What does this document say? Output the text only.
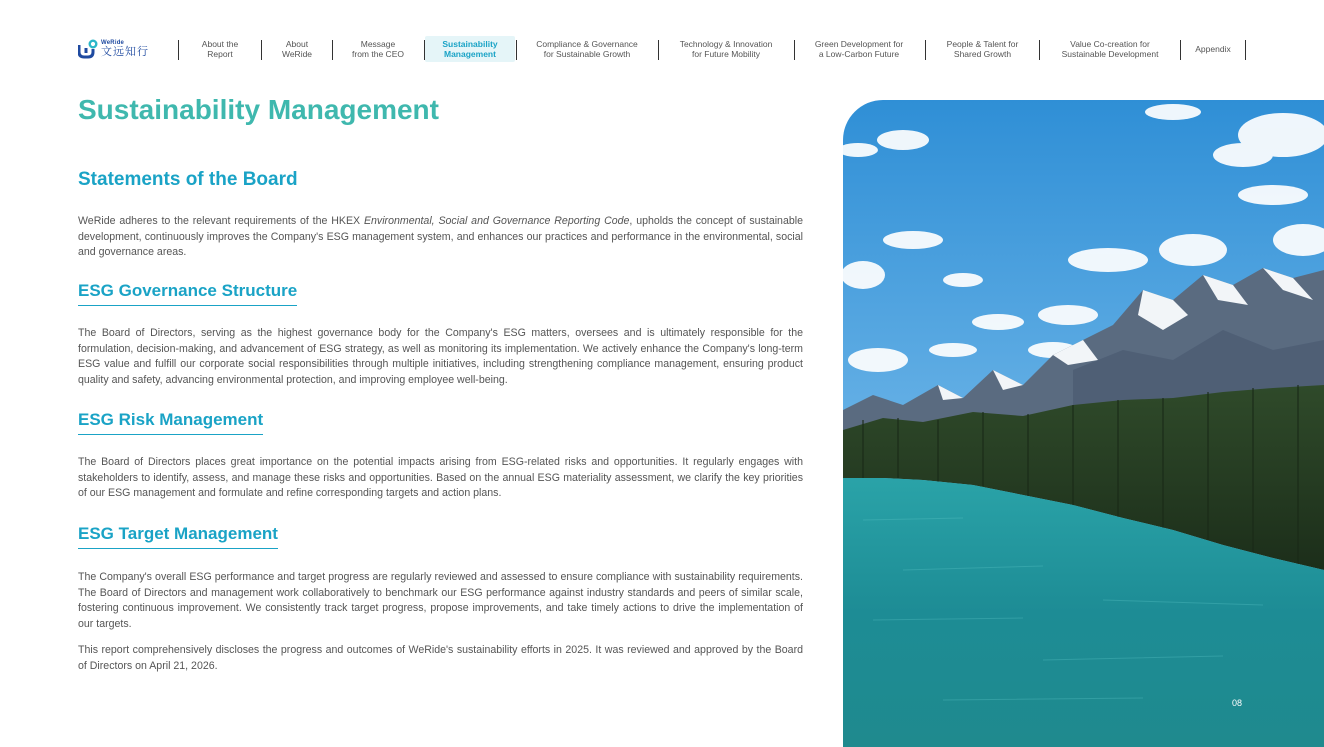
WeRide
文远知行
About the
Report
About
WeRide
Message
from the CEO
Sustainability
Management
Compliance & Governance
for Sustainable Growth
Technology & Innovation
for Future Mobility
Green Development for
a Low-Carbon Future
People & Talent for
Shared Growth
Value Co-creation for
Sustainable Development	Appendix
Sustainability Management
Statements of the Board

WeRide adheres to the relevant requirements of the HKEX Environmental, Social and Governance Reporting Code, upholds the concept of sustainable development, continuously improves the Company's ESG management system, and enhances our practices and performance in the environmental, social and governance areas.

ESG Governance Structure

The Board of Directors, serving as the highest governance body for the Company's ESG matters, oversees and is ultimately responsible for the formulation, decision-making, and advancement of ESG strategy, as well as monitoring its implementation. We actively enhance the Company's long-term ESG value and fulfill our corporate social responsibilities through multiple initiatives, including strengthening compliance management, ensuring product quality and safety, advancing environmental protection, and improving employee well-being.

ESG Risk Management

The Board of Directors places great importance on the potential impacts arising from ESG-related risks and opportunities. It regularly engages with stakeholders to identify, assess, and manage these risks and opportunities. Based on the annual ESG materiality assessment, we clarify the key priorities of our ESG management and formulate and refine corresponding targets and action plans.

ESG Target Management

The Company's overall ESG performance and target progress are regularly reviewed and assessed to ensure compliance with sustainability requirements. The Board of Directors and management work collaboratively to benchmark our ESG performance against industry standards and peers of similar scale, fostering continuous improvement. We consistently track target progress, propose improvements, and take timely actions to drive the implementation of our targets.

This report comprehensively discloses the progress and outcomes of WeRide's sustainability efforts in 2025. It was reviewed and approved by the Board of Directors on April 21, 2026.

08
